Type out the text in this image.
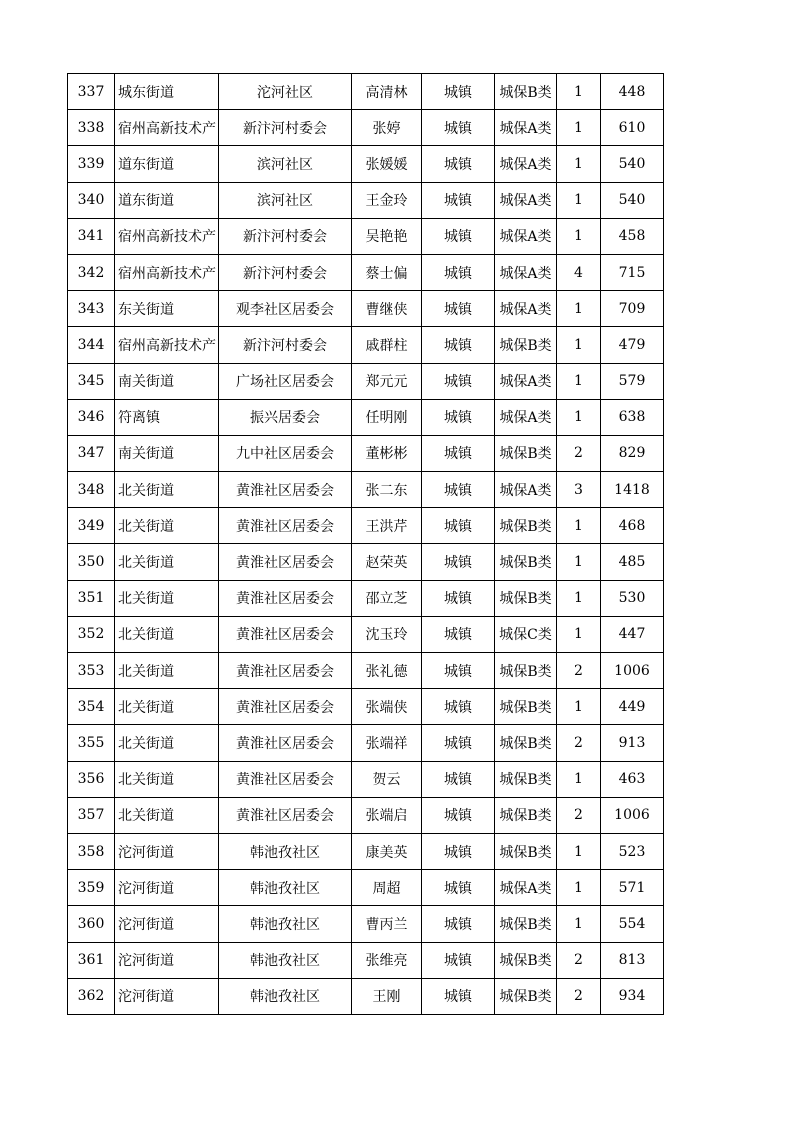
337	城东街道	沱河社区	高清林	城镇	城保B类	1	448
338	宿州高新技术产	新汴河村委会	张婷	城镇	城保A类	1	610
339	道东街道	滨河社区	张媛媛	城镇	城保A类	1	540
340	道东街道	滨河社区	王金玲	城镇	城保A类	1	540
341	宿州高新技术产	新汴河村委会	吴艳艳	城镇	城保A类	1	458
342	宿州高新技术产	新汴河村委会	蔡士偏	城镇	城保A类	4	715
343	东关街道	观李社区居委会	曹继侠	城镇	城保A类	1	709
344	宿州高新技术产	新汴河村委会	戚群柱	城镇	城保B类	1	479
345	南关街道	广场社区居委会	郑元元	城镇	城保A类	1	579
346	符离镇	振兴居委会	任明刚	城镇	城保A类	1	638
347	南关街道	九中社区居委会	董彬彬	城镇	城保B类	2	829
348	北关街道	黄淮社区居委会	张二东	城镇	城保A类	3	1418
349	北关街道	黄淮社区居委会	王洪芹	城镇	城保B类	1	468
350	北关街道	黄淮社区居委会	赵荣英	城镇	城保B类	1	485
351	北关街道	黄淮社区居委会	邵立芝	城镇	城保B类	1	530
352	北关街道	黄淮社区居委会	沈玉玲	城镇	城保C类	1	447
353	北关街道	黄淮社区居委会	张礼德	城镇	城保B类	2	1006
354	北关街道	黄淮社区居委会	张端侠	城镇	城保B类	1	449
355	北关街道	黄淮社区居委会	张端祥	城镇	城保B类	2	913
356	北关街道	黄淮社区居委会	贺云	城镇	城保B类	1	463
357	北关街道	黄淮社区居委会	张端启	城镇	城保B类	2	1006
358	沱河街道	韩池孜社区	康美英	城镇	城保B类	1	523
359	沱河街道	韩池孜社区	周超	城镇	城保A类	1	571
360	沱河街道	韩池孜社区	曹丙兰	城镇	城保B类	1	554
361	沱河街道	韩池孜社区	张维亮	城镇	城保B类	2	813
362	沱河街道	韩池孜社区	王刚	城镇	城保B类	2	934
